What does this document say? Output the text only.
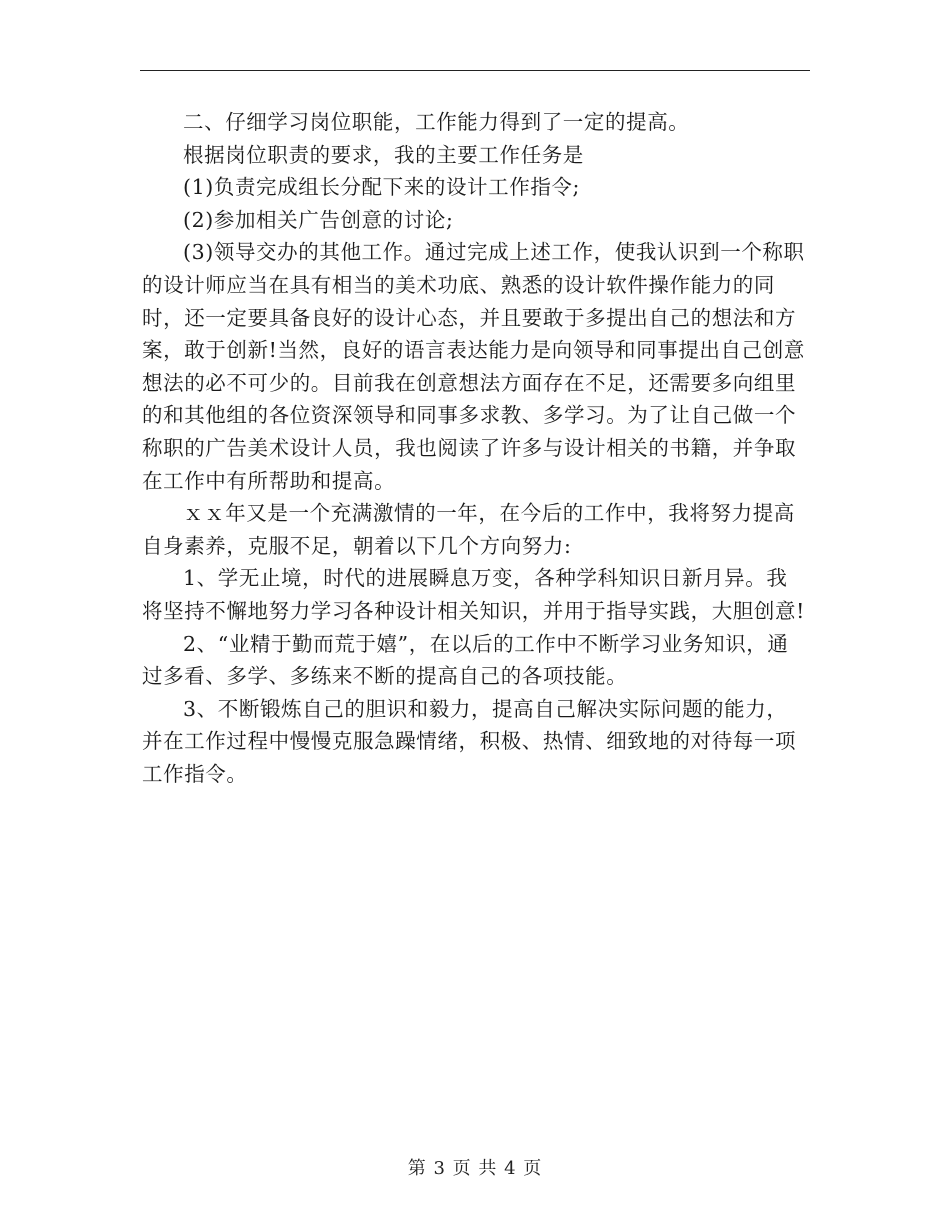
二、仔细学习岗位职能，工作能力得到了一定的提高。

根据岗位职责的要求，我的主要工作任务是

(1)负责完成组长分配下来的设计工作指令;

(2)参加相关广告创意的讨论;

(3)领导交办的其他工作。通过完成上述工作，使我认识到一个称职的设计师应当在具有相当的美术功底、熟悉的设计软件操作能力的同时，还一定要具备良好的设计心态，并且要敢于多提出自己的想法和方案，敢于创新!当然，良好的语言表达能力是向领导和同事提出自己创意想法的必不可少的。目前我在创意想法方面存在不足，还需要多向组里的和其他组的各位资深领导和同事多求教、多学习。为了让自己做一个称职的广告美术设计人员，我也阅读了许多与设计相关的书籍，并争取在工作中有所帮助和提高。

ｘｘ年又是一个充满激情的一年，在今后的工作中，我将努力提高自身素养，克服不足，朝着以下几个方向努力:

1、学无止境，时代的进展瞬息万变，各种学科知识日新月异。我将坚持不懈地努力学习各种设计相关知识，并用于指导实践，大胆创意!

2、“业精于勤而荒于嬉”，在以后的工作中不断学习业务知识，通过多看、多学、多练来不断的提高自己的各项技能。

3、不断锻炼自己的胆识和毅力，提高自己解决实际问题的能力，并在工作过程中慢慢克服急躁情绪，积极、热情、细致地的对待每一项工作指令。

第 3 页 共 4 页
